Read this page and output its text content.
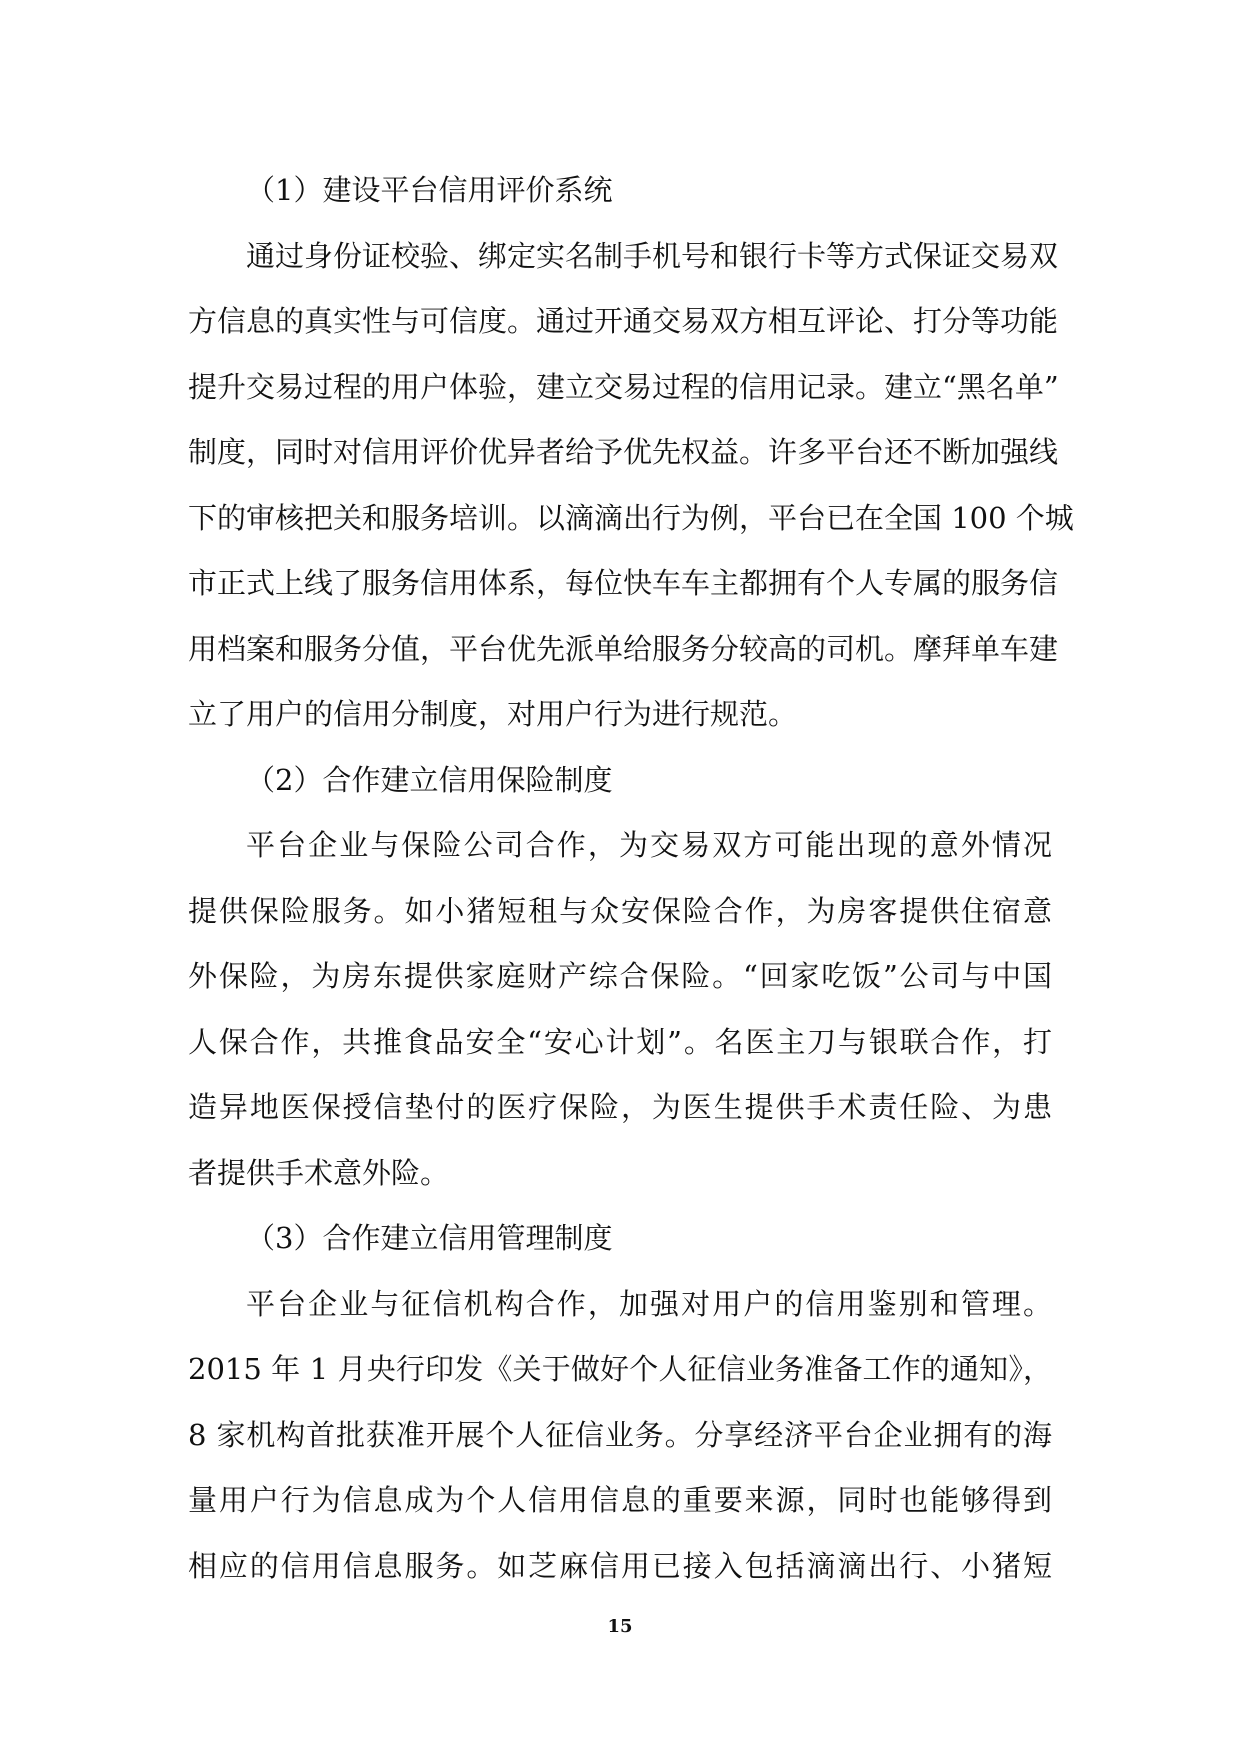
（1）建设平台信用评价系统
通过身份证校验、绑定实名制手机号和银行卡等方式保证交易双
方信息的真实性与可信度。通过开通交易双方相互评论、打分等功能
提升交易过程的用户体验，建立交易过程的信用记录。建立“黑名单”
制度，同时对信用评价优异者给予优先权益。许多平台还不断加强线
下的审核把关和服务培训。以滴滴出行为例，平台已在全国 100 个城
市正式上线了服务信用体系，每位快车车主都拥有个人专属的服务信
用档案和服务分值，平台优先派单给服务分较高的司机。摩拜单车建
立了用户的信用分制度，对用户行为进行规范。
（2）合作建立信用保险制度
平台企业与保险公司合作，为交易双方可能出现的意外情况
提供保险服务。如小猪短租与众安保险合作，为房客提供住宿意
外保险，为房东提供家庭财产综合保险。“回家吃饭”公司与中国
人保合作，共推食品安全“安心计划”。名医主刀与银联合作，打
造异地医保授信垫付的医疗保险，为医生提供手术责任险、为患
者提供手术意外险。
（3）合作建立信用管理制度
平台企业与征信机构合作，加强对用户的信用鉴别和管理。
2015 年 1 月央行印发《关于做好个人征信业务准备工作的通知》，
8 家机构首批获准开展个人征信业务。分享经济平台企业拥有的海
量用户行为信息成为个人信用信息的重要来源，同时也能够得到
相应的信用信息服务。如芝麻信用已接入包括滴滴出行、小猪短
15
